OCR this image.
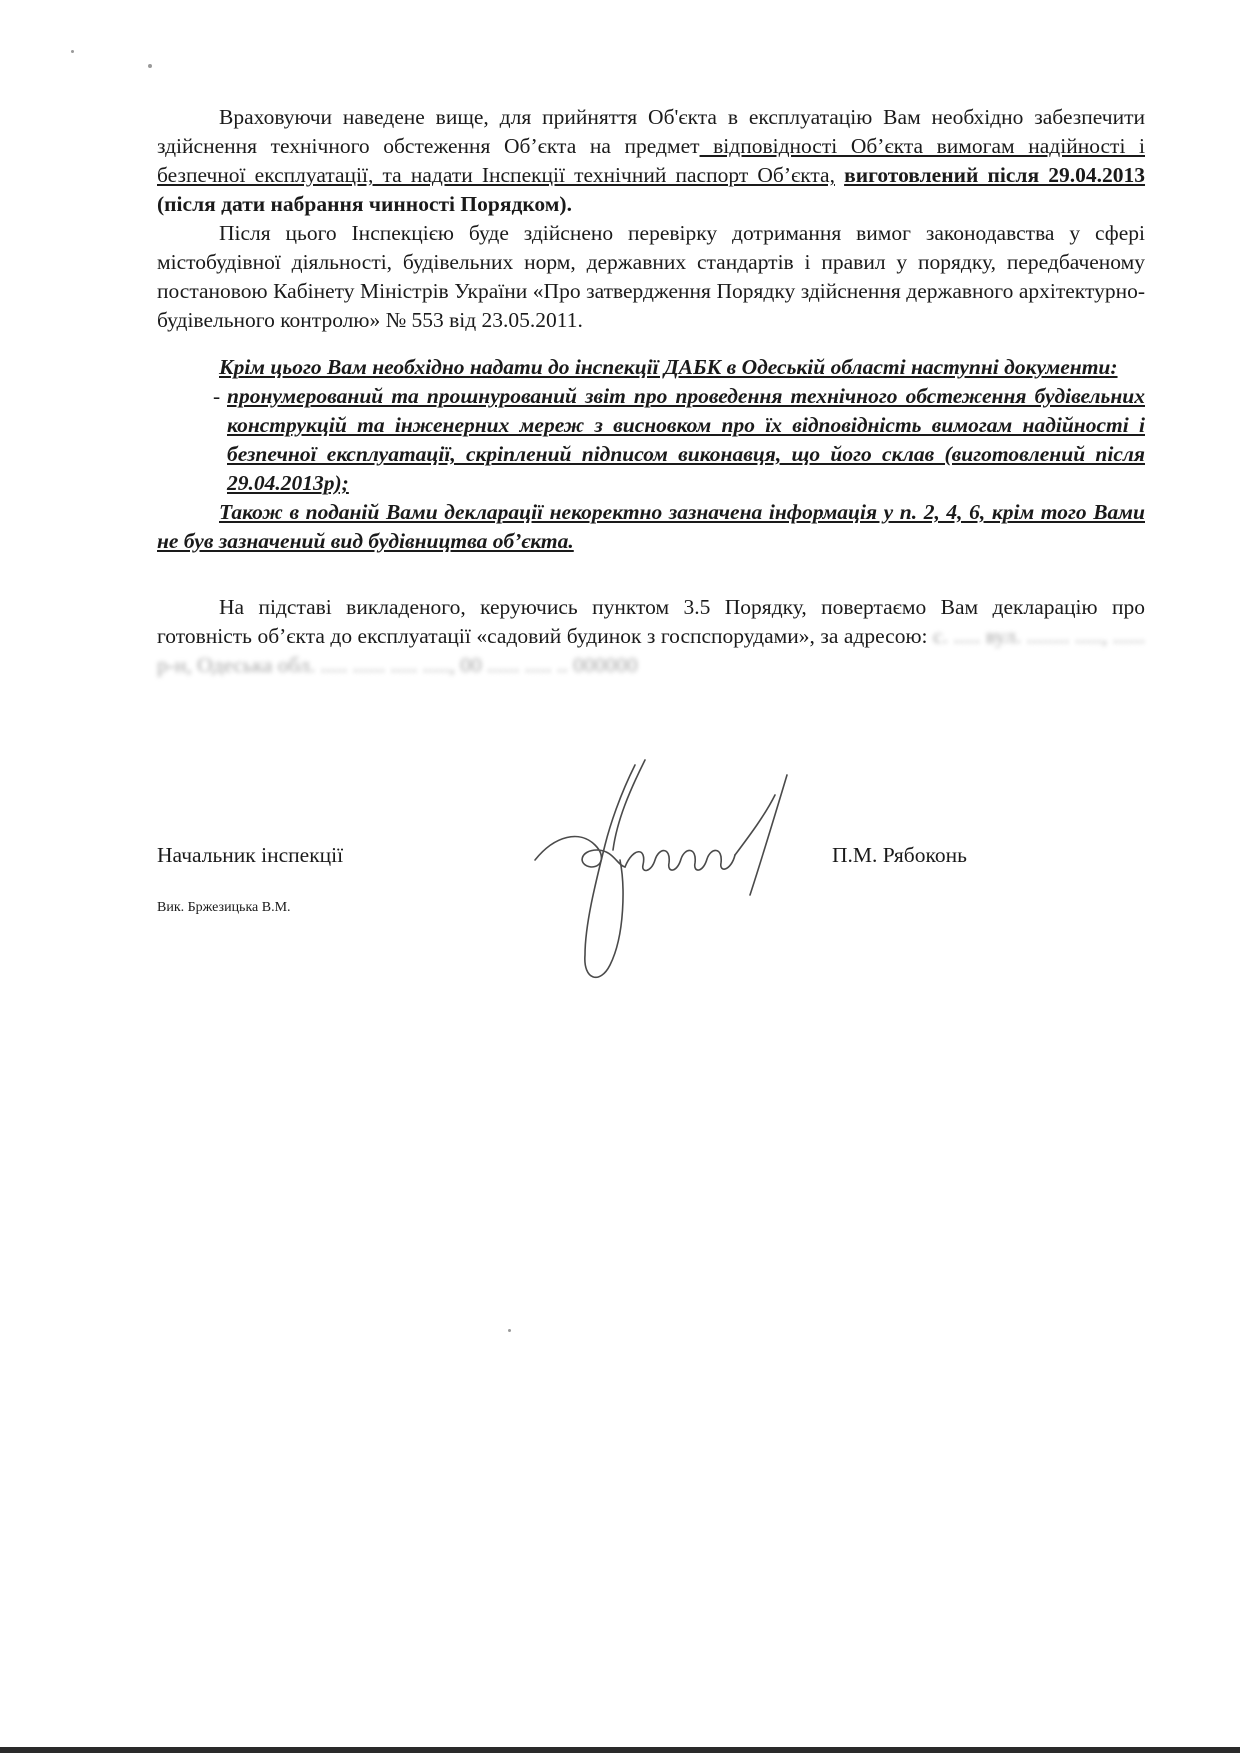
Враховуючи наведене вище, для прийняття Об'єкта в експлуатацію Вам необхідно забезпечити здійснення технічного обстеження Об’єкта на предмет відповідності Об’єкта вимогам надійності і безпечної експлуатації, та надати Інспекції технічний паспорт Об’єкта, виготовлений після 29.04.2013 (після дати набрання чинності Порядком).

Після цього Інспекцією буде здійснено перевірку дотримання вимог законодавства у сфері містобудівної діяльності, будівельних норм, державних стандартів і правил у порядку, передбаченому постановою Кабінету Міністрів України «Про затвердження Порядку здійснення державного архітектурно-будівельного контролю» № 553 від 23.05.2011.

Крім цього Вам необхідно надати до інспекції ДАБК в Одеській області наступні документи:

- пронумерований та прошнурований звіт про проведення технічного обстеження будівельних конструкцій та інженерних мереж з висновком про їх відповідність вимогам надійності і безпечної експлуатації, скріплений підписом виконавця, що його склав (виготовлений після 29.04.2013р);

Також в поданій Вами декларації некоректно зазначена інформація у п. 2, 4, 6, крім того Вами не був зазначений вид будівництва об’єкта.

На підставі викладеного, керуючись пунктом 3.5 Порядку, повертаємо Вам декларацію про готовність об’єкта до експлуатації «садовий будинок з госпспорудами», за адресою: с. ..... вул. ........ ....., ...... р-н, Одеська обл. ..... ...... ..... ....., 00 ...... ..... .. 000000

Начальник інспекції	П.М. Рябоконь
Вик. Бржезицька В.М.
